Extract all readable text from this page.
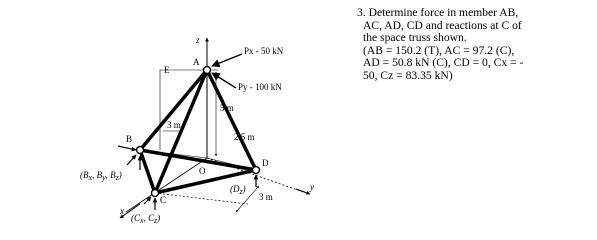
A
B
C
D
E
O
z
x
y
Px - 50 kN
Py - 100 kN
5 m
3 m
2.5 m
3 m
(Bx, By, Bz)
(Cx, Cz)
(Dz)

3. Determine force in member AB,

AC, AD, CD and reactions at C of

the space truss shown.

(AB = 150.2 (T), AC = 97.2 (C),

AD = 50.8 kN (C), CD = 0, Cx = -

50, Cz = 83.35 kN)
